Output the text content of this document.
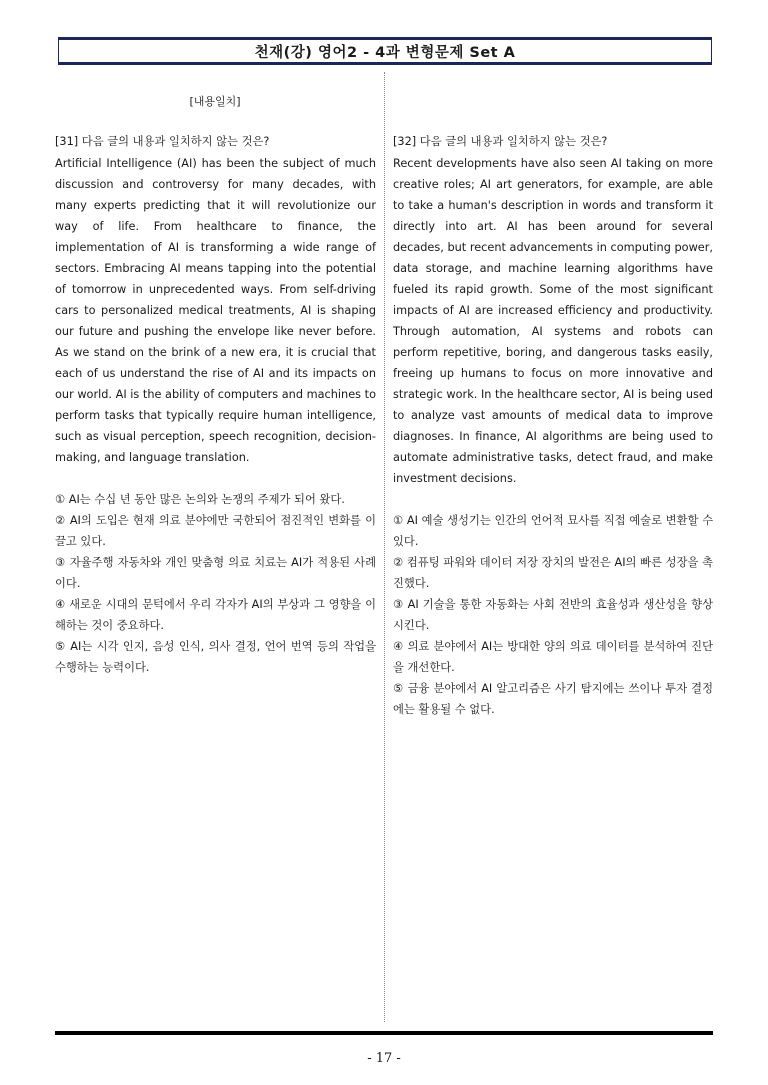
천재(강) 영어2 - 4과 변형문제 Set A
[내용일치]

[31] 다음 글의 내용과 일치하지 않는 것은?

Artificial Intelligence (AI) has been the subject of much discussion and controversy for many decades, with many experts predicting that it will revolutionize our way of life. From healthcare to finance, the implementation of AI is transforming a wide range of sectors. Embracing AI means tapping into the potential of tomorrow in unprecedented ways. From self-driving cars to personalized medical treatments, AI is shaping our future and pushing the envelope like never before. As we stand on the brink of a new era, it is crucial that each of us understand the rise of AI and its impacts on our world. AI is the ability of computers and machines to perform tasks that typically require human intelligence, such as visual perception, speech recognition, decision-making, and language translation.

① AI는 수십 년 동안 많은 논의와 논쟁의 주제가 되어 왔다.

② AI의 도입은 현재 의료 분야에만 국한되어 점진적인 변화를 이끌고 있다.

③ 자율주행 자동차와 개인 맞춤형 의료 치료는 AI가 적용된 사례이다.

④ 새로운 시대의 문턱에서 우리 각자가 AI의 부상과 그 영향을 이해하는 것이 중요하다.

⑤ AI는 시각 인지, 음성 인식, 의사 결정, 언어 번역 등의 작업을 수행하는 능력이다.

[32] 다음 글의 내용과 일치하지 않는 것은?

Recent developments have also seen AI taking on more creative roles; AI art generators, for example, are able to take a human's description in words and transform it directly into art. AI has been around for several decades, but recent advancements in computing power, data storage, and machine learning algorithms have fueled its rapid growth. Some of the most significant impacts of AI are increased efficiency and productivity. Through automation, AI systems and robots can perform repetitive, boring, and dangerous tasks easily, freeing up humans to focus on more innovative and strategic work. In the healthcare sector, AI is being used to analyze vast amounts of medical data to improve diagnoses. In finance, AI algorithms are being used to automate administrative tasks, detect fraud, and make investment decisions.

① AI 예술 생성기는 인간의 언어적 묘사를 직접 예술로 변환할 수 있다.

② 컴퓨팅 파워와 데이터 저장 장치의 발전은 AI의 빠른 성장을 촉진했다.

③ AI 기술을 통한 자동화는 사회 전반의 효율성과 생산성을 향상시킨다.

④ 의료 분야에서 AI는 방대한 양의 의료 데이터를 분석하여 진단을 개선한다.

⑤ 금융 분야에서 AI 알고리즘은 사기 탐지에는 쓰이나 투자 결정에는 활용될 수 없다.

- 17 -
